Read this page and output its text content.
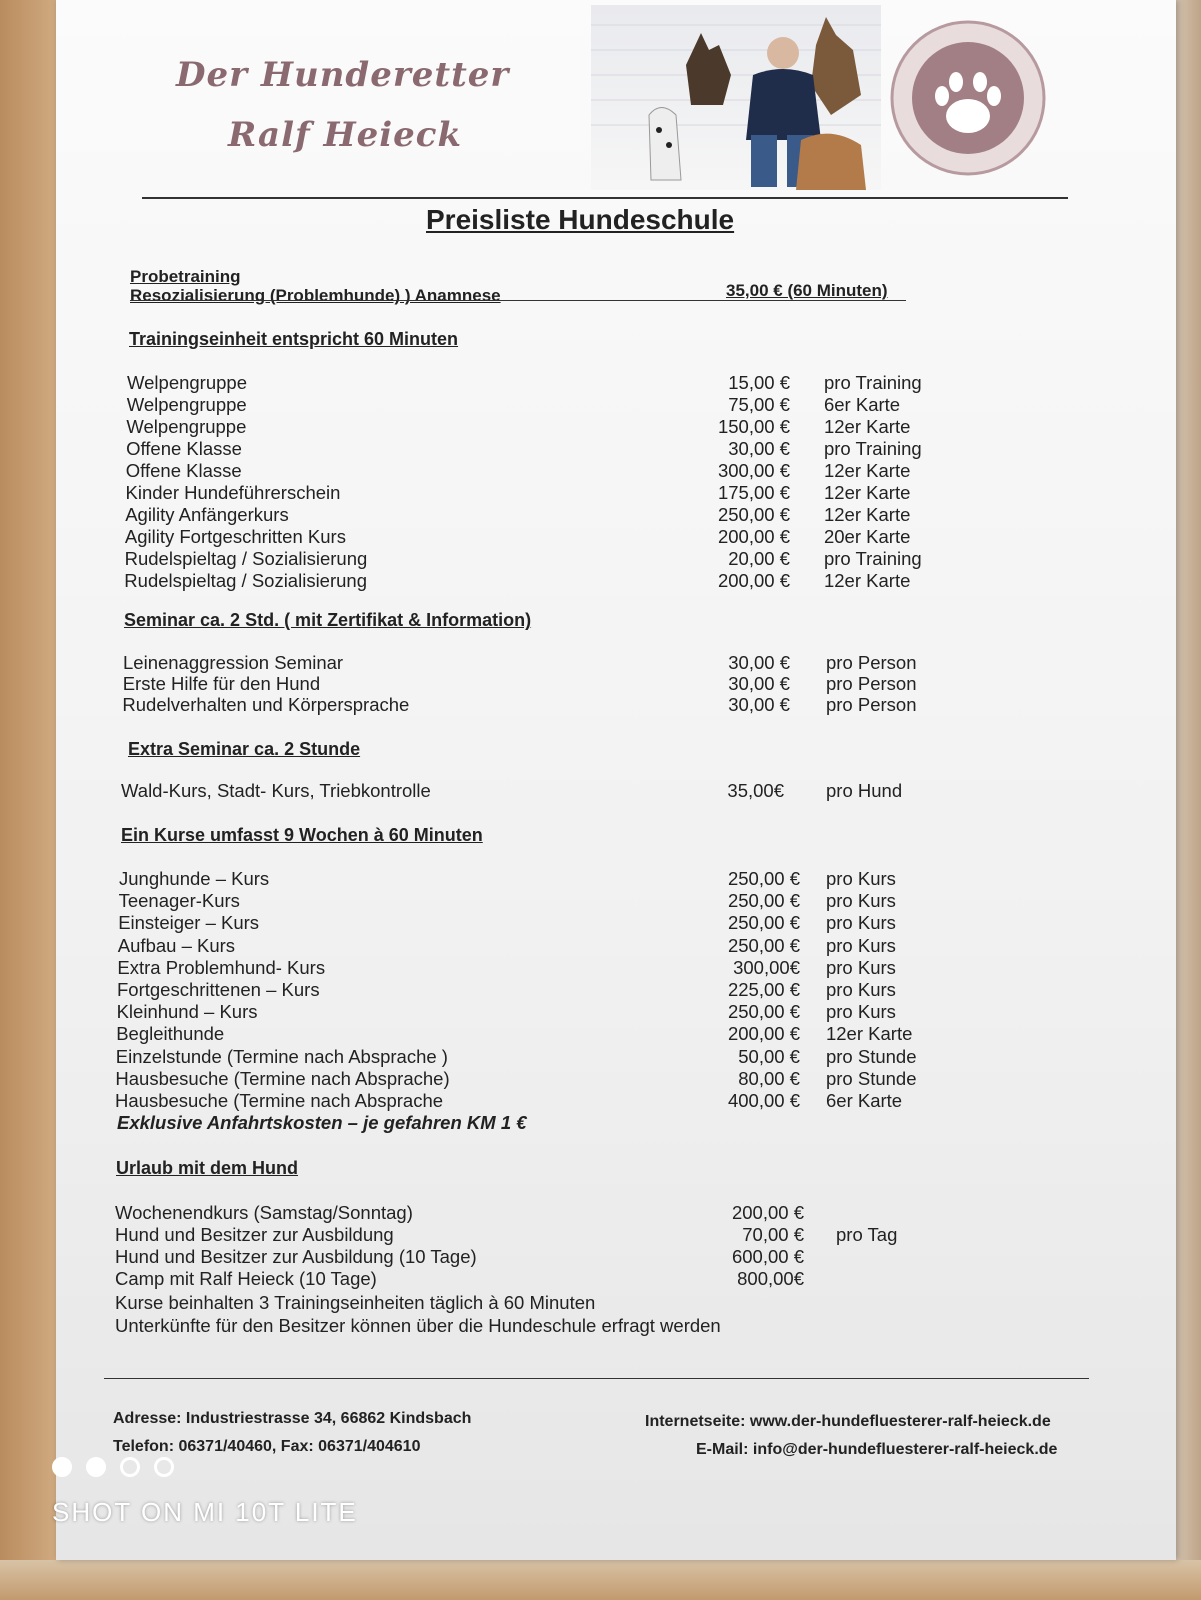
Der Hunderetter
Ralf Heieck
Preisliste Hundeschule
Probetraining
Resozialisierung (Problemhunde) ) Anamnese	35,00 € (60 Minuten)
Trainingseinheit entspricht 60 Minuten
Welpengruppe	15,00 € pro Training
Welpengruppe	75,00 € 6er Karte
Welpengruppe	150,00 € 12er Karte
Offene Klasse	30,00 € pro Training
Offene Klasse	300,00 € 12er Karte
Kinder Hundeführerschein	175,00 € 12er Karte
Agility Anfängerkurs	250,00 € 12er Karte
Agility Fortgeschritten Kurs	200,00 € 20er Karte
Rudelspieltag / Sozialisierung	20,00 € pro Training
Rudelspieltag / Sozialisierung	200,00 € 12er Karte
Seminar ca. 2 Std. ( mit Zertifikat & Information)
Leinenaggression Seminar	30,00 € pro Person
Erste Hilfe für den Hund	30,00 € pro Person
Rudelverhalten und Körpersprache	30,00 € pro Person
Extra Seminar ca. 2 Stunde
Wald-Kurs, Stadt- Kurs, Triebkontrolle	35,00€ pro Hund
Ein Kurse umfasst 9 Wochen à 60 Minuten
Junghunde – Kurs	250,00 € pro Kurs
Teenager-Kurs	250,00 € pro Kurs
Einsteiger – Kurs	250,00 € pro Kurs
Aufbau – Kurs	250,00 € pro Kurs
Extra Problemhund- Kurs	300,00€ pro Kurs
Fortgeschrittenen – Kurs	225,00 € pro Kurs
Kleinhund – Kurs	250,00 € pro Kurs
Begleithunde	200,00 € 12er Karte
Einzelstunde (Termine nach Absprache )	50,00 € pro Stunde
Hausbesuche (Termine nach Absprache)	80,00 € pro Stunde
Hausbesuche (Termine nach Absprache	400,00 € 6er Karte
Exklusive Anfahrtskosten – je gefahren KM 1 €
Urlaub mit dem Hund
Wochenendkurs (Samstag/Sonntag)	200,00 €
Hund und Besitzer zur Ausbildung	70,00 € pro Tag
Hund und Besitzer zur Ausbildung (10 Tage)	600,00 €
Camp mit Ralf Heieck (10 Tage)	800,00€
Kurse beinhalten 3 Trainingseinheiten täglich à 60 Minuten
Unterkünfte für den Besitzer können über die Hundeschule erfragt werden
Adresse: Industriestrasse 34, 66862 Kindsbach
Telefon: 06371/40460, Fax: 06371/404610
Internetseite: www.der-hundefluesterer-ralf-heieck.de
E-Mail: info@der-hundefluesterer-ralf-heieck.de
SHOT ON MI 10T LITE
